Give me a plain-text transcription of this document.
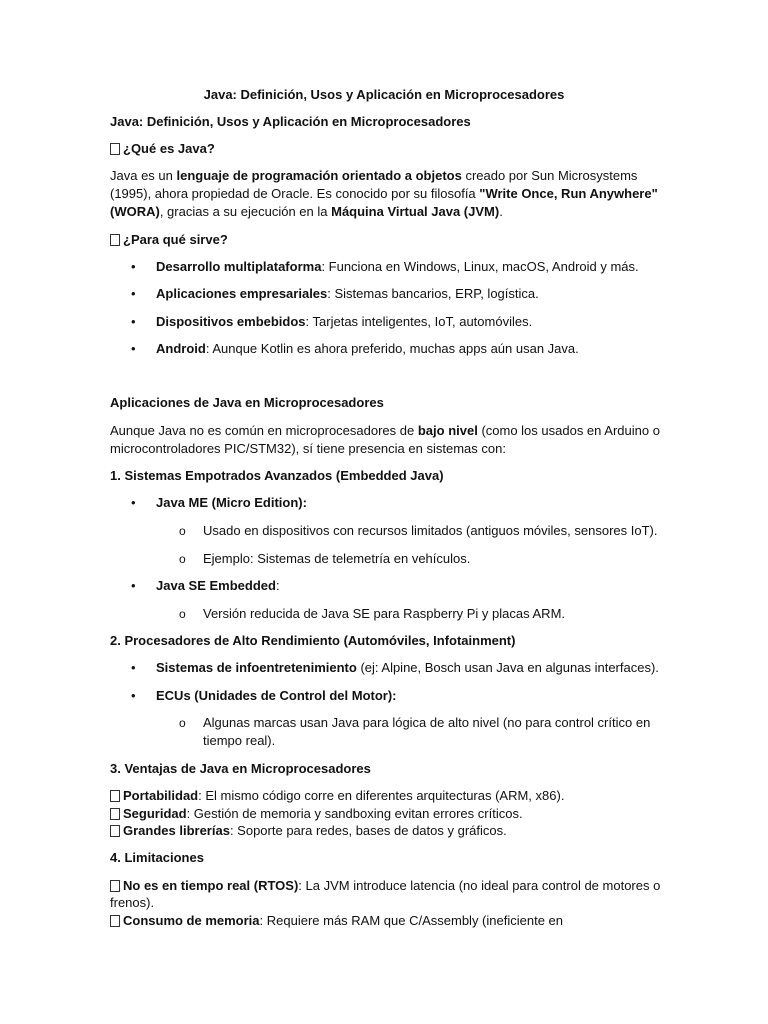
Java: Definición, Usos y Aplicación en Microprocesadores
Java: Definición, Usos y Aplicación en Microprocesadores
¿Qué es Java?
Java es un lenguaje de programación orientado a objetos creado por Sun Microsystems
(1995), ahora propiedad de Oracle. Es conocido por su filosofía "Write Once, Run Anywhere"
(WORA), gracias a su ejecución en la Máquina Virtual Java (JVM).
¿Para qué sirve?
• Desarrollo multiplataforma: Funciona en Windows, Linux, macOS, Android y más.
• Aplicaciones empresariales: Sistemas bancarios, ERP, logística.
• Dispositivos embebidos: Tarjetas inteligentes, IoT, automóviles.
• Android: Aunque Kotlin es ahora preferido, muchas apps aún usan Java.
Aplicaciones de Java en Microprocesadores
Aunque Java no es común en microprocesadores de bajo nivel (como los usados en Arduino o
microcontroladores PIC/STM32), sí tiene presencia en sistemas con:
1. Sistemas Empotrados Avanzados (Embedded Java)
• Java ME (Micro Edition):
o Usado en dispositivos con recursos limitados (antiguos móviles, sensores IoT).
o Ejemplo: Sistemas de telemetría en vehículos.
• Java SE Embedded:
o Versión reducida de Java SE para Raspberry Pi y placas ARM.
2. Procesadores de Alto Rendimiento (Automóviles, Infotainment)
• Sistemas de infoentretenimiento (ej: Alpine, Bosch usan Java en algunas interfaces).
• ECUs (Unidades de Control del Motor):
o Algunas marcas usan Java para lógica de alto nivel (no para control crítico en
tiempo real).
3. Ventajas de Java en Microprocesadores
Portabilidad: El mismo código corre en diferentes arquitecturas (ARM, x86).
Seguridad: Gestión de memoria y sandboxing evitan errores críticos.
Grandes librerías: Soporte para redes, bases de datos y gráficos.
4. Limitaciones
No es en tiempo real (RTOS): La JVM introduce latencia (no ideal para control de motores o
frenos).
Consumo de memoria: Requiere más RAM que C/Assembly (ineficiente en
